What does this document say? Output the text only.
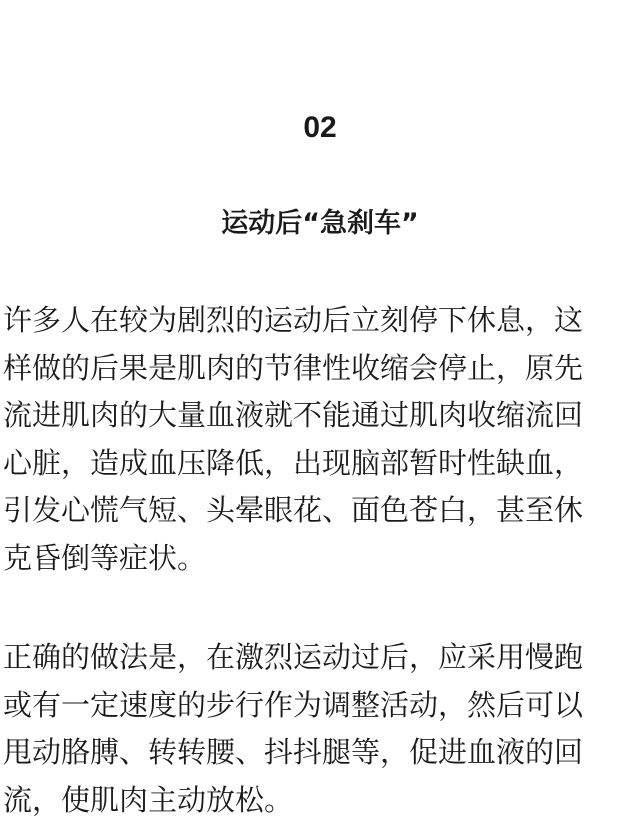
02
运动后“急刹车”

许多人在较为剧烈的运动后立刻停下休息，这
样做的后果是肌肉的节律性收缩会停止，原先
流进肌肉的大量血液就不能通过肌肉收缩流回
心脏，造成血压降低，出现脑部暂时性缺血，
引发心慌气短、头晕眼花、面色苍白，甚至休
克昏倒等症状。

正确的做法是，在激烈运动过后，应采用慢跑
或有一定速度的步行作为调整活动，然后可以
甩动胳膊、转转腰、抖抖腿等，促进血液的回
流，使肌肉主动放松。
